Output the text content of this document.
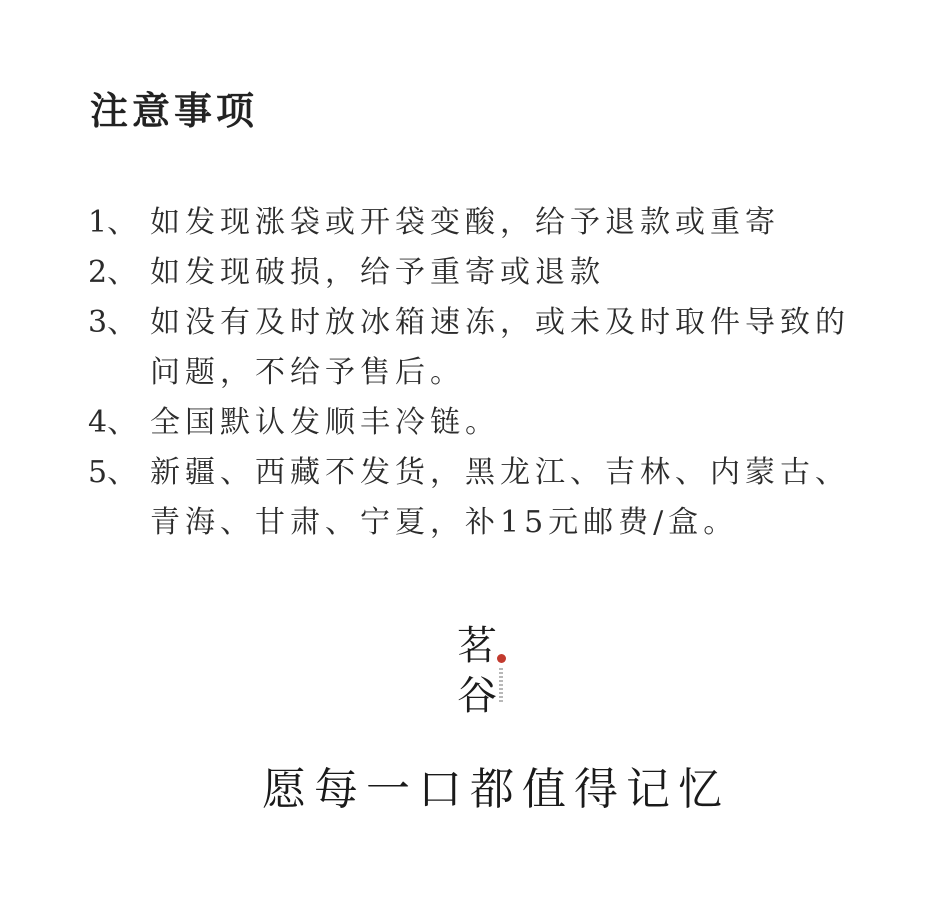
注意事项
1、 如发现涨袋或开袋变酸，给予退款或重寄
2、 如发现破损，给予重寄或退款
3、 如没有及时放冰箱速冻，或未及时取件导致的问题，不给予售后。
4、 全国默认发顺丰冷链。
5、 新疆、西藏不发货，黑龙江、吉林、内蒙古、青海、甘肃、宁夏，补15元邮费/盒。
茗
谷

愿每一口都值得记忆
